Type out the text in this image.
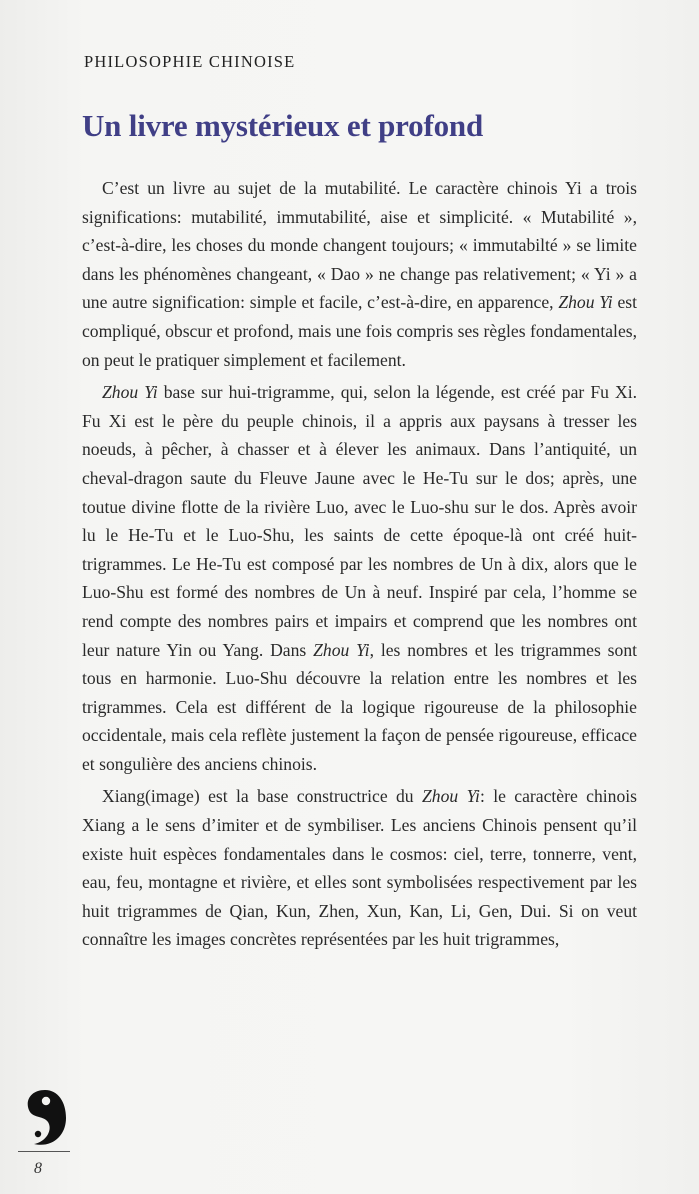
PHILOSOPHIE CHINOISE
Un livre mystérieux et profond

C’est un livre au sujet de la mutabilité. Le caractère chinois Yi a trois significations: mutabilité, immutabilité, aise et simplicité. « Mutabilité », c’est-à-dire, les choses du monde changent toujours; « immutabilté » se limite dans les phénomènes changeant, « Dao » ne change pas relativement; « Yi » a une autre signification: simple et facile, c’est-à-dire, en apparence, Zhou Yi est compliqué, obscur et profond, mais une fois compris ses règles fondamentales, on peut le pratiquer simplement et facilement.

Zhou Yi base sur hui-trigramme, qui, selon la légende, est créé par Fu Xi. Fu Xi est le père du peuple chinois, il a appris aux paysans à tresser les noeuds, à pêcher, à chasser et à élever les animaux. Dans l’antiquité, un cheval-dragon saute du Fleuve Jaune avec le He-Tu sur le dos; après, une toutue divine flotte de la rivière Luo, avec le Luo-shu sur le dos. Après avoir lu le He-Tu et le Luo-Shu, les saints de cette époque-là ont créé huit-trigrammes. Le He-Tu est composé par les nombres de Un à dix, alors que le Luo-Shu est formé des nombres de Un à neuf. Inspiré par cela, l’homme se rend compte des nombres pairs et impairs et comprend que les nombres ont leur nature Yin ou Yang. Dans Zhou Yi, les nombres et les trigrammes sont tous en harmonie. Luo-Shu découvre la relation entre les nombres et les trigrammes. Cela est différent de la logique rigoureuse de la philosophie occidentale, mais cela reflète justement la façon de pensée rigoureuse, efficace et songulière des anciens chinois.

Xiang(image) est la base constructrice du Zhou Yi: le caractère chinois Xiang a le sens d’imiter et de symbiliser. Les anciens Chinois pensent qu’il existe huit espèces fondamentales dans le cosmos: ciel, terre, tonnerre, vent, eau, feu, montagne et rivière, et elles sont symbolisées respectivement par les huit trigrammes de Qian, Kun, Zhen, Xun, Kan, Li, Gen, Dui. Si on veut connaître les images concrètes représentées par les huit trigrammes,

8
